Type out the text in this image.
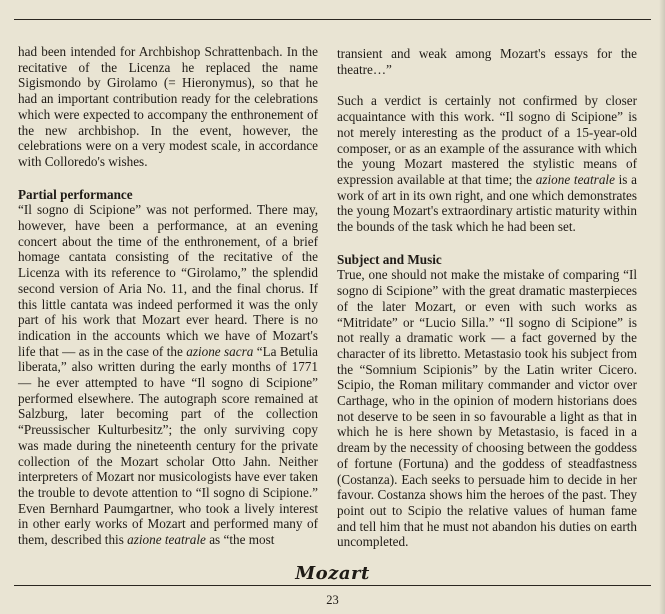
had been intended for Archbishop Schrattenbach. In the recitative of the Licenza he replaced the name Sigismondo by Girolamo (= Hieronymus), so that he had an important contribution ready for the celebrations which were expected to accompany the enthronement of the new archbishop. In the event, however, the celebrations were on a very modest scale, in accordance with Colloredo's wishes.

Partial performance

“Il sogno di Scipione” was not performed. There may, however, have been a performance, at an evening concert about the time of the enthronement, of a brief homage cantata consisting of the recitative of the Licenza with its reference to “Girolamo,” the splendid second version of Aria No. 11, and the final chorus. If this little cantata was indeed performed it was the only part of his work that Mozart ever heard. There is no indication in the accounts which we have of Mozart's life that — as in the case of the azione sacra “La Betulia liberata,” also written during the early months of 1771 — he ever attempted to have “Il sogno di Scipione” performed elsewhere. The autograph score remained at Salzburg, later becoming part of the collection “Preussischer Kulturbesitz”; the only surviving copy was made during the nineteenth century for the private collection of the Mozart scholar Otto Jahn. Neither interpreters of Mozart nor musicologists have ever taken the trouble to devote attention to “Il sogno di Scipione.” Even Bernhard Paumgartner, who took a lively interest in other early works of Mozart and performed many of them, described this azione teatrale as “the most

transient and weak among Mozart's essays for the theatre…”

Such a verdict is certainly not confirmed by closer acquaintance with this work. “Il sogno di Scipione” is not merely interesting as the product of a 15-year-old composer, or as an example of the assurance with which the young Mozart mastered the stylistic means of expression available at that time; the azione teatrale is a work of art in its own right, and one which demonstrates the young Mozart's extraordinary artistic maturity within the bounds of the task which he had been set.

Subject and Music

True, one should not make the mistake of comparing “Il sogno di Scipione” with the great dramatic masterpieces of the later Mozart, or even with such works as “Mitridate” or “Lucio Silla.” “Il sogno di Scipione” is not really a dramatic work — a fact governed by the character of its libretto. Metastasio took his subject from the “Somnium Scipionis” by the Latin writer Cicero. Scipio, the Roman military commander and victor over Carthage, who in the opinion of modern historians does not deserve to be seen in so favourable a light as that in which he is here shown by Metastasio, is faced in a dream by the necessity of choosing between the goddess of fortune (Fortuna) and the goddess of steadfastness (Costanza). Each seeks to persuade him to decide in her favour. Costanza shows him the heroes of the past. They point out to Scipio the relative values of human fame and tell him that he must not abandon his duties on earth uncompleted.

Mozart
23
